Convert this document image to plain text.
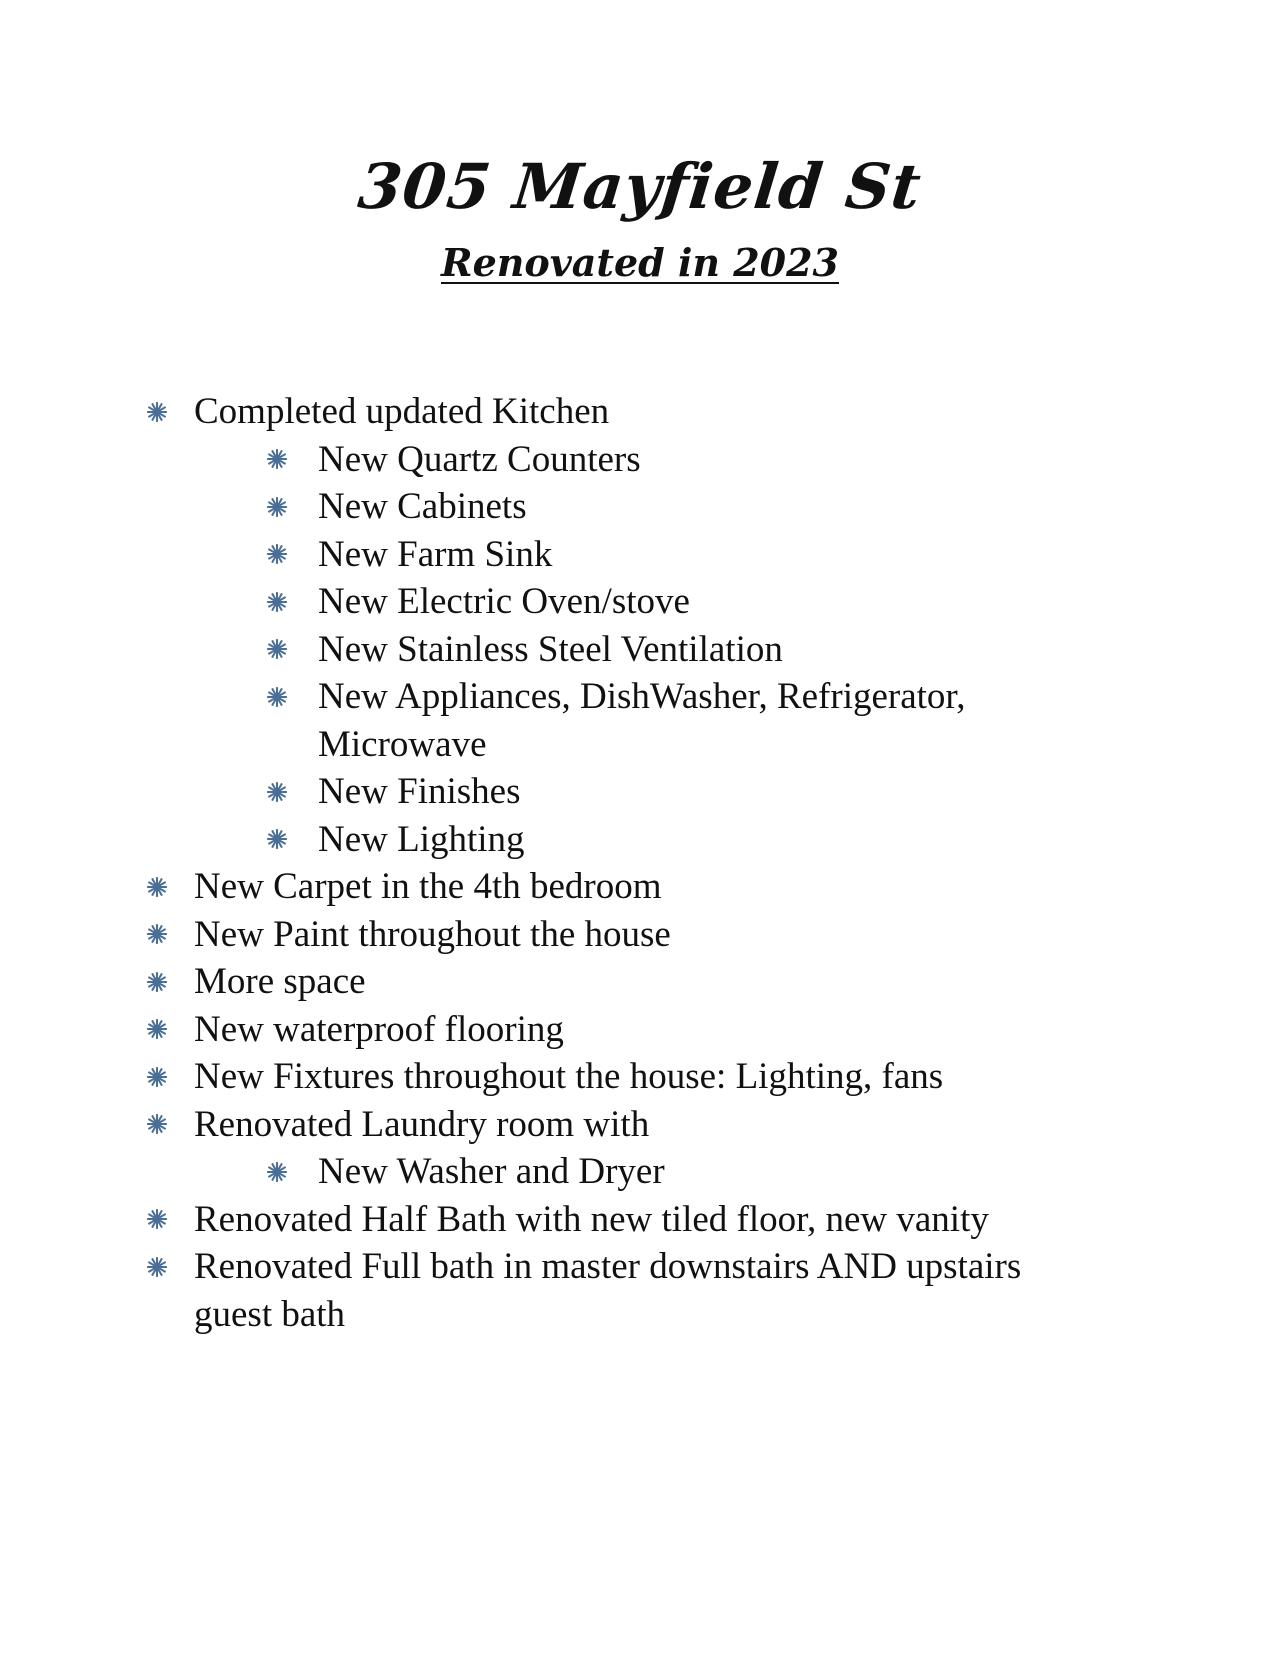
305 Mayfield St
Renovated in 2023
Completed updated Kitchen
New Quartz Counters
New Cabinets
New Farm Sink
New Electric Oven/stove
New Stainless Steel Ventilation
New Appliances, DishWasher, Refrigerator, Microwave
New Finishes
New Lighting
New Carpet in the 4th bedroom
New Paint throughout the house
More space
New waterproof flooring
New Fixtures throughout the house: Lighting, fans
Renovated Laundry room with
New Washer and Dryer
Renovated Half Bath with new tiled floor, new vanity
Renovated Full bath in master downstairs AND upstairs guest bath
